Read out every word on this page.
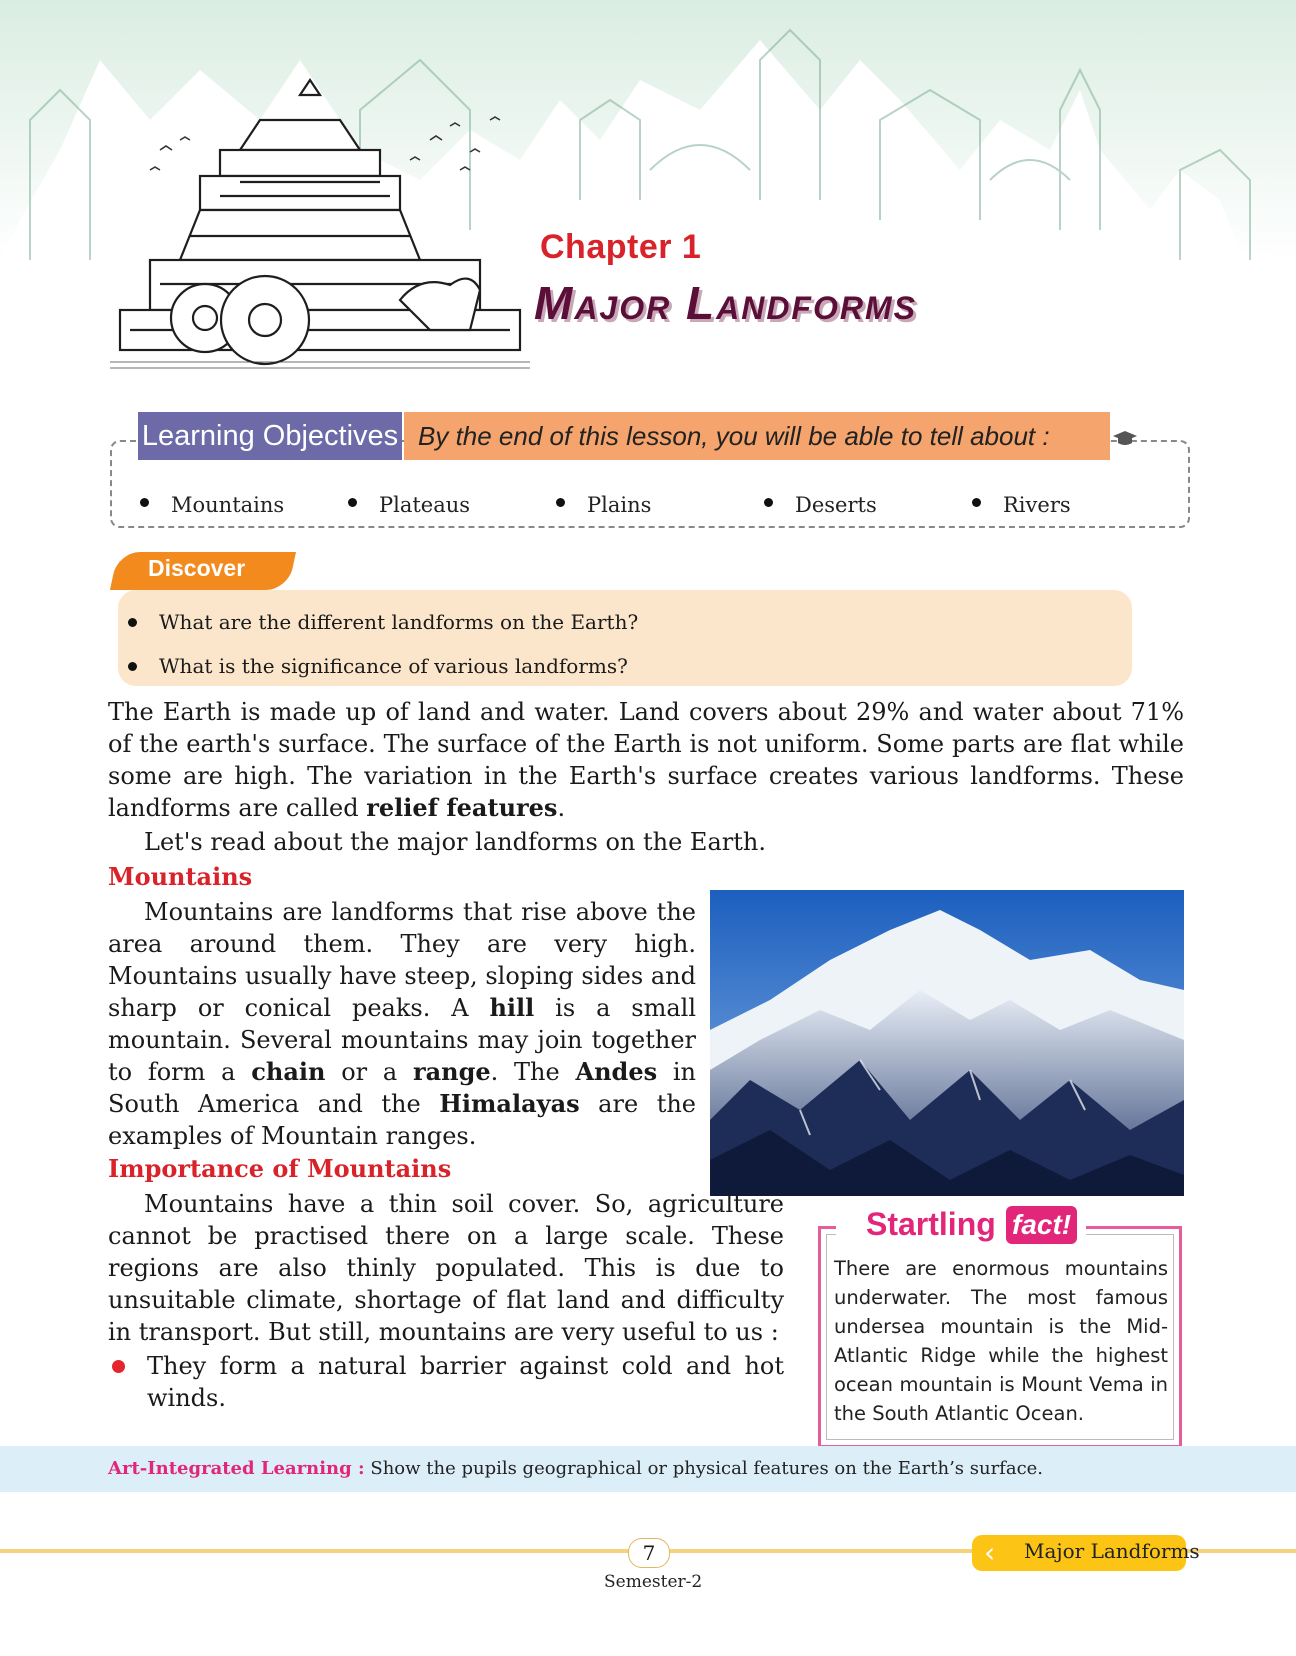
Chapter 1
Major Landforms
Learning Objectives By the end of this lesson, you will be able to tell about :
Mountains	Plateaus	Plains	Deserts	Rivers
Discover
What are the different landforms on the Earth?
What is the significance of various landforms?

The Earth is made up of land and water. Land covers about 29% and water about 71% of the earth's surface. The surface of the Earth is not uniform. Some parts are flat while some are high. The variation in the Earth's surface creates various landforms. These landforms are called relief features.

Let's read about the major landforms on the Earth.

Mountains

Mountains are landforms that rise above the area around them. They are very high. Mountains usually have steep, sloping sides and sharp or conical peaks. A hill is a small mountain. Several mountains may join together to form a chain or a range. The Andes in South America and the Himalayas are the examples of Mountain ranges.

Importance of Mountains

Mountains have a thin soil cover. So, agriculture cannot be practised there on a large scale. These regions are also thinly populated. This is due to unsuitable climate, shortage of flat land and difficulty in transport. But still, mountains are very useful to us :

They form a natural barrier against cold and hot winds.

Startling fact!

There are enormous mountains underwater. The most famous undersea mountain is the Mid-Atlantic Ridge while the highest ocean mountain is Mount Vema in the South Atlantic Ocean.

Art-Integrated Learning : Show the pupils geographical or physical features on the Earth’s surface.
7
Semester-2
‹ Major Landforms
